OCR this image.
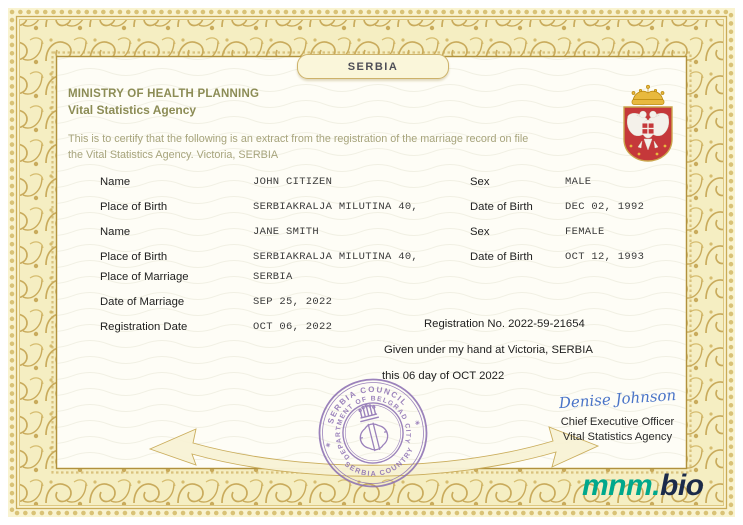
SERBIA
MINISTRY OF HEALTH PLANNING
Vital Statistics Agency
This is to certify that the following is an extract from the registration of the marriage record on file
the Vital Statistics Agency. Victoria, SERBIA
Name	JOHN CITIZEN	Sex	MALE
Place of Birth	SERBIAKRALJA MILUTINA 40,	Date of Birth	DEC 02, 1992
Name	JANE SMITH	Sex	FEMALE
Place of Birth	SERBIAKRALJA MILUTINA 40,	Date of Birth	OCT 12, 1993
Place of Marriage	SERBIA
Date of Marriage	SEP 25, 2022
Registration Date	OCT 06, 2022	Registration No. 2022-59-21654
Given under my hand at Victoria, SERBIA
this 06 day of OCT 2022
SERBIA COUNCIL
DEPARTMENT OF BELGRAD CITY
SERBIA COUNTRY
✳
✳
Denise Johnson
Chief Executive Officer
Vital Statistics Agency
mnm.bio
